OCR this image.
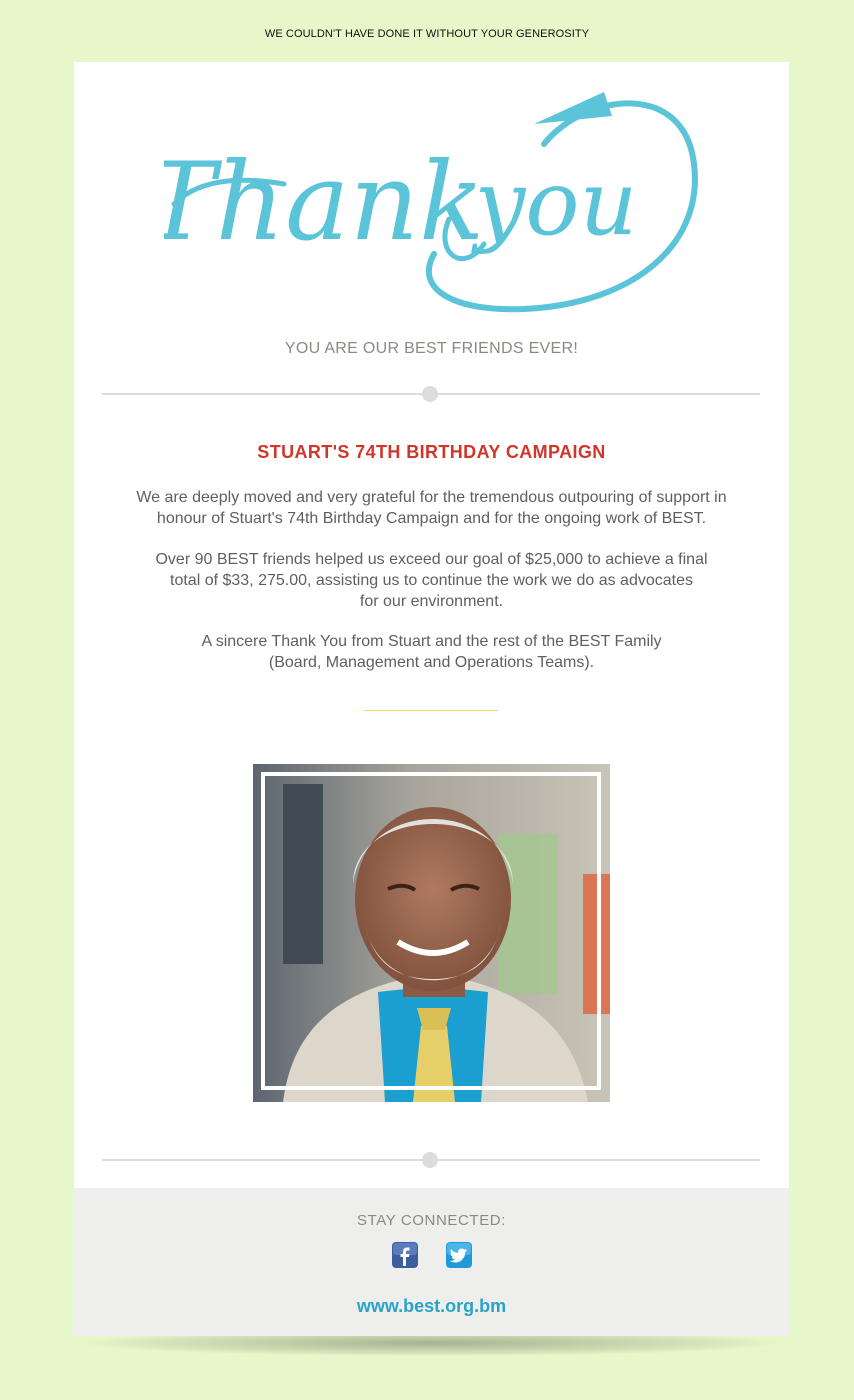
WE COULDN'T HAVE DONE IT WITHOUT YOUR GENEROSITY
Thank
you
YOU ARE OUR BEST FRIENDS EVER!
STUART'S 74TH BIRTHDAY CAMPAIGN
We are deeply moved and very grateful for the tremendous outpouring of support in
honour of Stuart's 74th Birthday Campaign and for the ongoing work of BEST.
Over 90 BEST friends helped us exceed our goal of $25,000 to achieve a final
total of $33, 275.00, assisting us to continue the work we do as advocates
for our environment.
A sincere Thank You from Stuart and the rest of the BEST Family
(Board, Management and Operations Teams).
STAY CONNECTED:
www.best.org.bm
